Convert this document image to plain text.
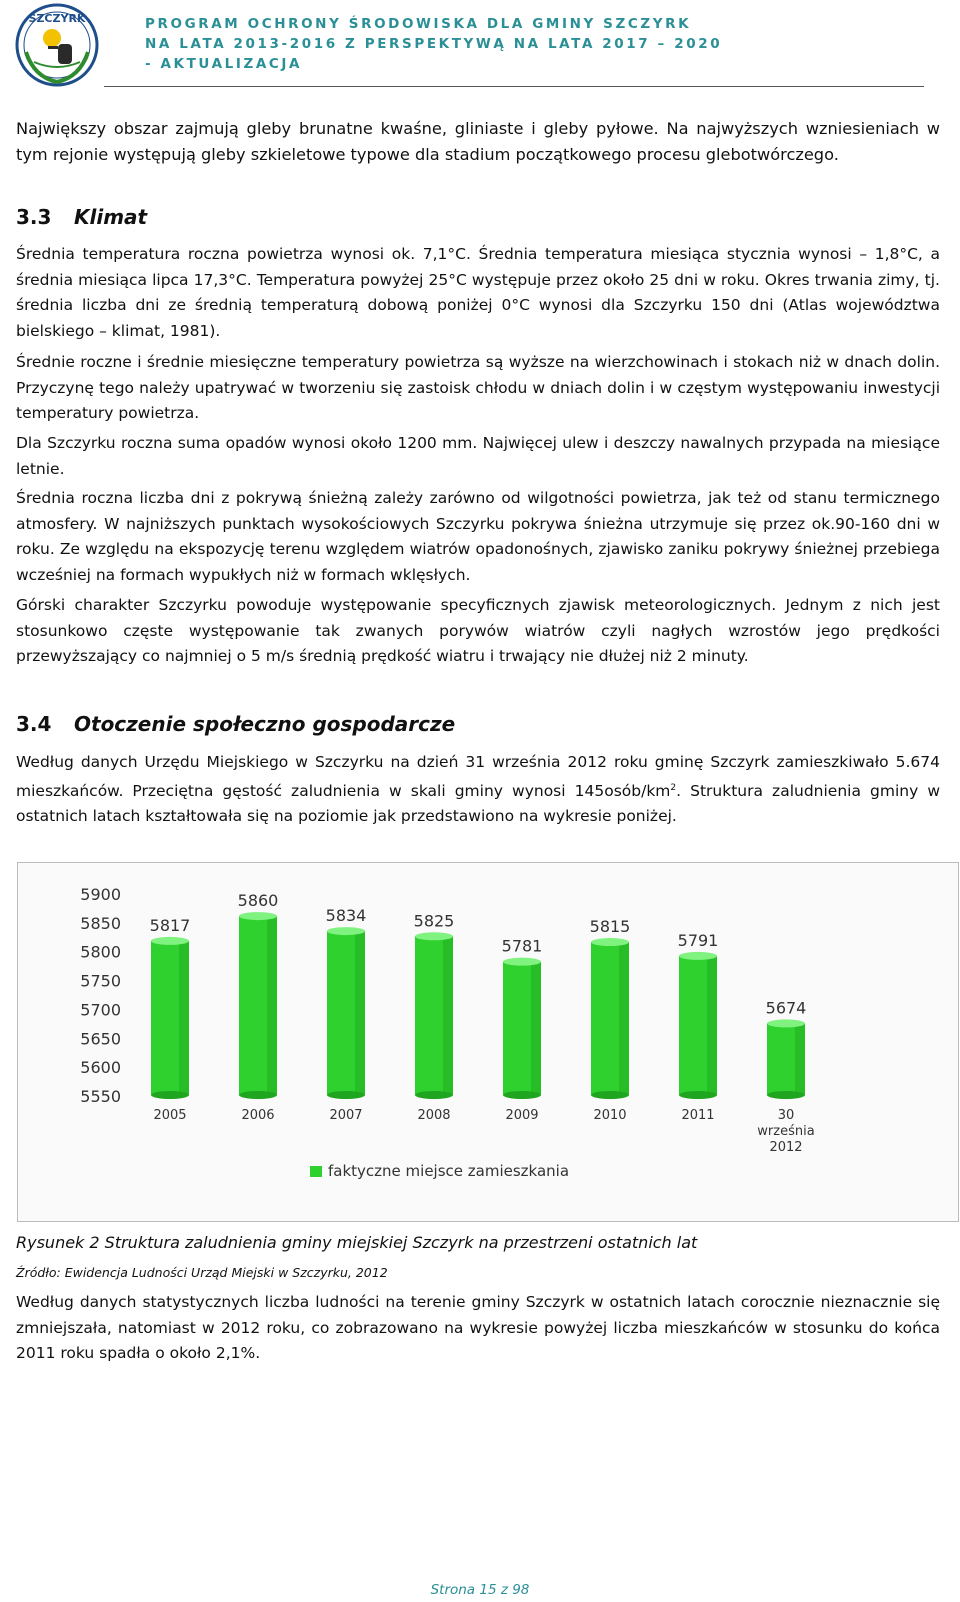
SZCZYRK	PROGRAM OCHRONY ŚRODOWISKA DLA GMINY SZCZYRK
NA LATA 2013-2016 Z PERSPEKTYWĄ NA LATA 2017 – 2020
- AKTUALIZACJA

Największy obszar zajmują gleby brunatne kwaśne, gliniaste i gleby pyłowe. Na najwyższych wzniesieniach w tym rejonie występują gleby szkieletowe typowe dla stadium początkowego procesu glebotwórczego.

3.3 Klimat

Średnia temperatura roczna powietrza wynosi ok. 7,1°C. Średnia temperatura miesiąca stycznia wynosi – 1,8°C, a średnia miesiąca lipca 17,3°C. Temperatura powyżej 25°C występuje przez około 25 dni w roku. Okres trwania zimy, tj. średnia liczba dni ze średnią temperaturą dobową poniżej 0°C wynosi dla Szczyrku 150 dni (Atlas województwa bielskiego – klimat, 1981).

Średnie roczne i średnie miesięczne temperatury powietrza są wyższe na wierzchowinach i stokach niż w dnach dolin. Przyczynę tego należy upatrywać w tworzeniu się zastoisk chłodu w dniach dolin i w częstym występowaniu inwestycji temperatury powietrza.

Dla Szczyrku roczna suma opadów wynosi około 1200 mm. Najwięcej ulew i deszczy nawalnych przypada na miesiące letnie.

Średnia roczna liczba dni z pokrywą śnieżną zależy zarówno od wilgotności powietrza, jak też od stanu termicznego atmosfery. W najniższych punktach wysokościowych Szczyrku pokrywa śnieżna utrzymuje się przez ok.90-160 dni w roku. Ze względu na ekspozycję terenu względem wiatrów opadonośnych, zjawisko zaniku pokrywy śnieżnej przebiega wcześniej na formach wypukłych niż w formach wklęsłych.

Górski charakter Szczyrku powoduje występowanie specyficznych zjawisk meteorologicznych. Jednym z nich jest stosunkowo częste występowanie tak zwanych porywów wiatrów czyli nagłych wzrostów jego prędkości przewyższający co najmniej o 5 m/s średnią prędkość wiatru i trwający nie dłużej niż 2 minuty.

3.4 Otoczenie społeczno gospodarcze

Według danych Urzędu Miejskiego w Szczyrku na dzień 31 września 2012 roku gminę Szczyrk zamieszkiwało 5.674 mieszkańców. Przeciętna gęstość zaludnienia w skali gminy wynosi $145osób/km^2$. Struktura zaludnienia gminy w ostatnich latach kształtowała się na poziomie jak przedstawiono na wykresie poniżej.

Rysunek 2 Struktura zaludnienia gminy miejskiej Szczyrk na przestrzeni ostatnich lat
Źródło: Ewidencja Ludności Urząd Miejski w Szczyrku, 2012

Według danych statystycznych liczba ludności na terenie gminy Szczyrk w ostatnich latach corocznie nieznacznie się zmniejszała, natomiast w 2012 roku, co zobrazowano na wykresie powyżej liczba mieszkańców w stosunku do końca 2011 roku spadła o około 2,1%.

5550
5600
5650
5700
5750
5800
5850
5900
5817
2005
5860
2006
5834
2007
5825
2008
5781
2009
5815
2010
5791
2011
5674
30
września
2012
faktyczne miejsce zamieszkania
Strona 15 z 98
